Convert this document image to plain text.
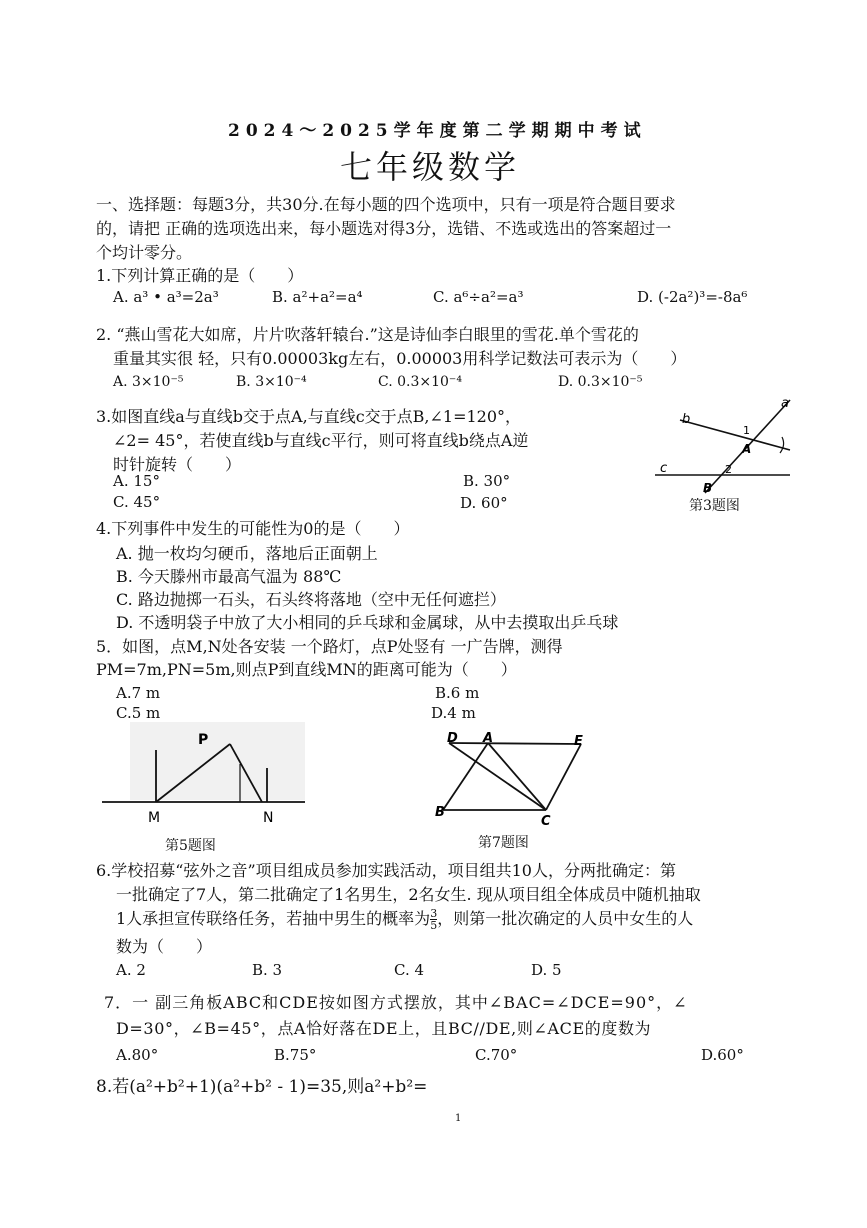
2024～2025学年度第二学期期中考试
七年级数学
一、选择题：每题3分，共30分.在每小题的四个选项中，只有一项是符合题目要求
的，请把 正确的选项选出来，每小题选对得3分，选错、不选或选出的答案超过一
个均计零分。
1.下列计算正确的是（　　）
A. a³ • a³=2a³	B. a²+a²=a⁴	C. a⁶÷a²=a³	D. (-2a²)³=-8a⁶
2. “燕山雪花大如席，片片吹落轩辕台.”这是诗仙李白眼里的雪花.单个雪花的
重量其实很 轻，只有0.00003kg左右，0.00003用科学记数法可表示为（　　）
A. 3×10⁻⁵	B. 3×10⁻⁴	C. 0.3×10⁻⁴	D. 0.3×10⁻⁵
3.如图直线a与直线b交于点A,与直线c交于点B,∠1=120°，
∠2= 45°，若使直线b与直线c平行，则可将直线b绕点A逆
时针旋转（　　）
A. 15°	B. 30°
C. 45°	D. 60°
b
a
1
A
c	2
B
第3题图
4.下列事件中发生的可能性为0的是（　　）
A. 抛一枚均匀硬币，落地后正面朝上
B. 今天滕州市最高气温为 88℃
C. 路边抛掷一石头，石头终将落地（空中无任何遮拦）
D. 不透明袋子中放了大小相同的乒乓球和金属球，从中去摸取出乒乓球
5．如图，点M,N处各安装 一个路灯，点P处竖有 一广告牌，测得
PM=7m,PN=5m,则点P到直线MN的距离可能为（　　）
A.7 m	B.6 m
C.5 m	D.4 m
P
M	N
第5题图
D A	E
B
C
第7题图
6.学校招募“弦外之音”项目组成员参加实践活动，项目组共10人，分两批确定：第
一批确定了7人，第二批确定了1名男生，2名女生. 现从项目组全体成员中随机抽取
1人承担宣传联络任务，若抽中男生的概率为 $\frac{3}{5}$ ，则第一批次确定的人员中女生的人
数为（　　）
A. 2	B. 3	C. 4	D. 5
7．一 副三角板ABC和CDE按如图方式摆放，其中∠BAC=∠DCE=90°，∠
D=30°，∠B=45°，点A恰好落在DE上，且BC//DE,则∠ACE的度数为
A.80°	B.75°	C.70°	D.60°
8.若(a²+b²+1)(a²+b² - 1)=35,则a²+b²=
1
